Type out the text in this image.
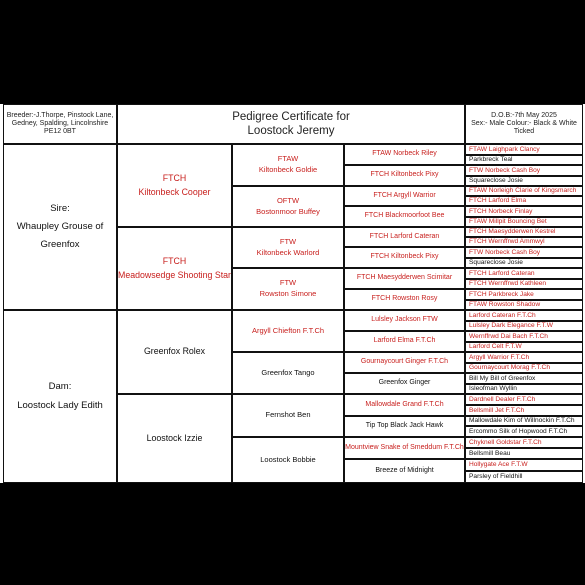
Breeder:-J.Thorpe, Pinstock Lane, Gedney, Spalding, Lincolnshire PE12 0BT
Pedigree Certificate for
Loostock Jeremy
D.O.B:-7th May 2025
Sex:- Male Colour:- Black & White
Ticked
Sire:
Whaupley Grouse of Greenfox
Dam:
Loostock Lady Edith
FTCH
Kiltonbeck Cooper
FTCH
Meadowsedge Shooting Star
Greenfox Rolex
Loostock Izzie
FTAW
Kiltonbeck Goldie
OFTW
Bostonmoor Buffey
FTW
Kiltonbeck Warlord
FTW
Rowston Simone
Argyll Chiefton F.T.Ch
Greenfox Tango
Fernshot Ben
Loostock Bobbie
FTAW Norbeck Riley
FTCH Kiltonbeck Pixy
FTCH Argyll Warrior
FTCH Blackmoorfoot Bee
FTCH Larford Cateran
FTCH Kiltonbeck Pixy
FTCH Maesydderwen Scimitar
FTCH Rowston Rosy
Lulsley Jackson FTW
Larford Elma F.T.Ch
Gournaycourt Ginger F.T.Ch
Greenfox Ginger
Mallowdale Grand F.T.Ch
Tip Top Black Jack Hawk
Mountview Snake of Smeddum F.T.Ch
Breeze of Midnight
FTAW Laighpark Clancy
Parkbreck Teal
FTW Norbeck Cash Boy
Squareclose Josie
FTAW Norleigh Clarie of Kingsmarch
FTCH Larford Elma
FTCH Norbeck Finlay
FTAW Millpit Bouncing Bet
FTCH Maesydderwen Kestrel
FTCH Wernffrwd Ammwyl
FTW Norbeck Cash Boy
Squareclose Josie
FTCH Larford Cateran
FTCH Wernffrwd Kathleen
FTCH Parkbreck Jake
FTAW Rowston Shadow
Larford Cateran F.T.Ch
Lulsley Dark Elegance F.T.W
Wernffrwd Dai Bach F.T.Ch
Larford Celt F.T.W
Argyll Warrior F.T.Ch
Gournaycourt Morag F.T.Ch
Bill My Bill of Greenfox
Isleofman Wyllin
Dardnell Dealer F.T.Ch
Bellsmill Jet F.T.Ch
Mallowdale Kim of Willnockin F.T.Ch
Ercommo Silk of Hopwood F.T.Ch
Chyknell Goldstar F.T.Ch
Bellsmill Beau
Hollygate Ace F.T.W
Parsley of Fieldhill
